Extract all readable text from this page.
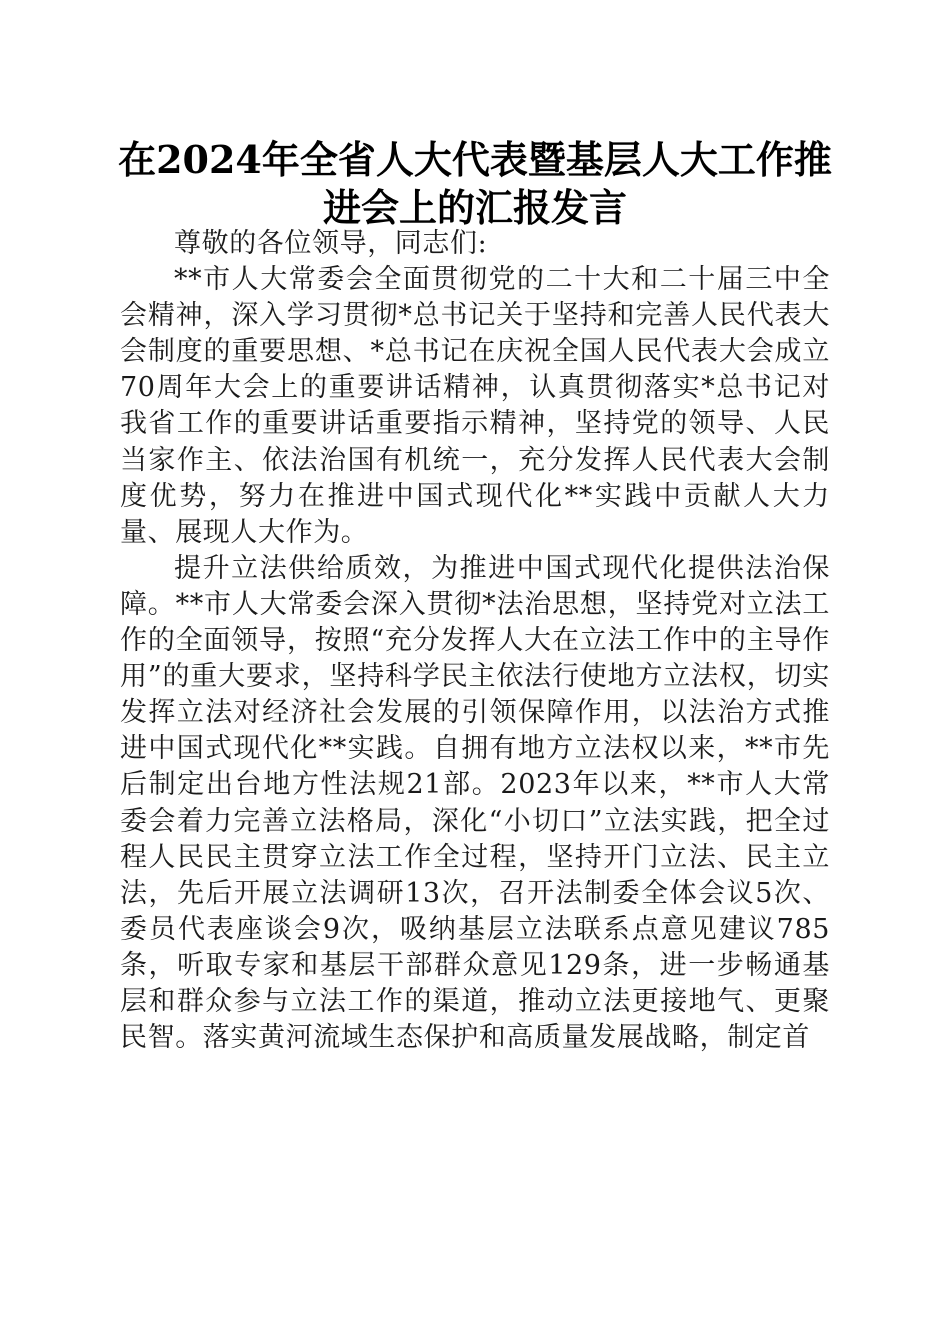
在2024年全省人大代表暨基层人大工作推进会上的汇报发言

尊敬的各位领导，同志们:

**市人大常委会全面贯彻党的二十大和二十届三中全会精神，深入学习贯彻*总书记关于坚持和完善人民代表大会制度的重要思想、*总书记在庆祝全国人民代表大会成立70周年大会上的重要讲话精神，认真贯彻落实*总书记对我省工作的重要讲话重要指示精神，坚持党的领导、人民当家作主、依法治国有机统一，充分发挥人民代表大会制度优势，努力在推进中国式现代化**实践中贡献人大力量、展现人大作为。

提升立法供给质效，为推进中国式现代化提供法治保障。**市人大常委会深入贯彻*法治思想，坚持党对立法工作的全面领导，按照“充分发挥人大在立法工作中的主导作用”的重大要求，坚持科学民主依法行使地方立法权，切实发挥立法对经济社会发展的引领保障作用，以法治方式推进中国式现代化**实践。自拥有地方立法权以来，**市先后制定出台地方性法规21部。2023年以来，**市人大常委会着力完善立法格局，深化“小切口”立法实践，把全过程人民民主贯穿立法工作全过程，坚持开门立法、民主立法，先后开展立法调研13次，召开法制委全体会议5次、委员代表座谈会9次，吸纳基层立法联系点意见建议785条，听取专家和基层干部群众意见129条，进一步畅通基层和群众参与立法工作的渠道，推动立法更接地气、更聚民智。落实黄河流域生态保护和高质量发展战略，制定首
